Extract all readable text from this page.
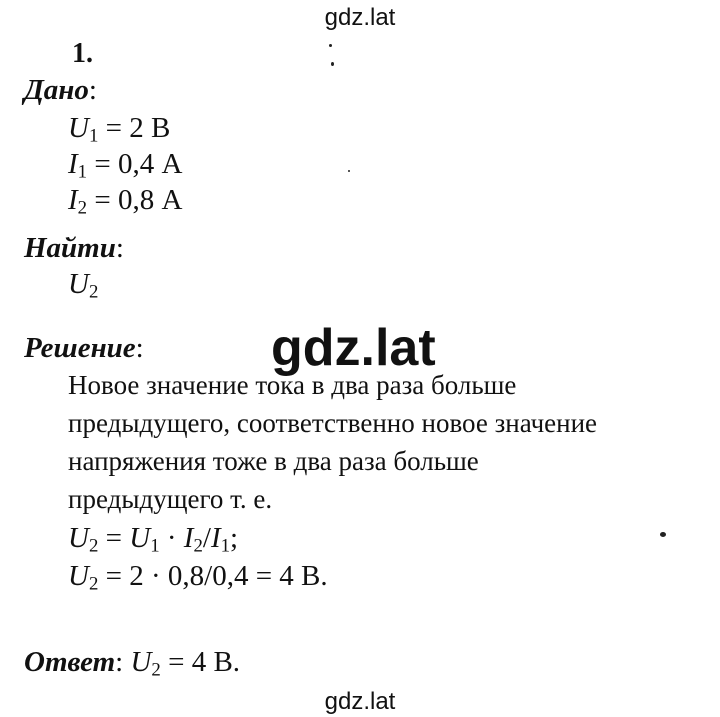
gdz.lat
1.
Дано:
$U_1 = 2$ В
$I_1 = 0,4$ А
$I_2 = 0,8$ А
Найти:
$U_2$
Решение: gdz.lat
Новое значение тока в два раза больше
предыдущего, соответственно новое значение
напряжения тоже в два раза больше
предыдущего т. е.
$U_2 = U_1 \cdot I_2/I_1$;
$U_2 = 2 \cdot 0,8/0,4 = 4$ В.
Ответ: $U_2 = 4$ В.
gdz.lat
